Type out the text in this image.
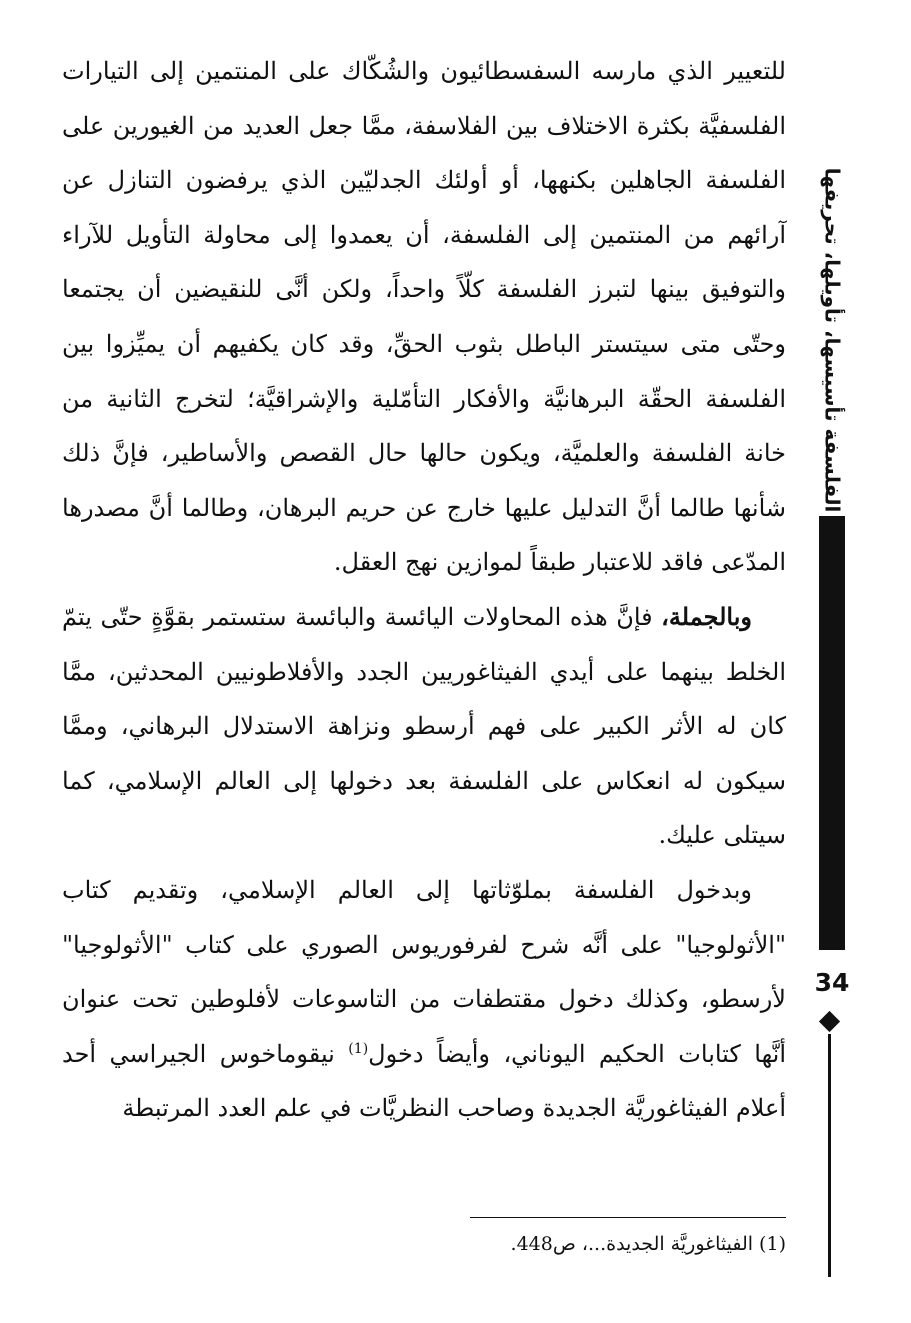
للتعيير الذي مارسه السفسطائيون والشُكّاك على المنتمين إلى التيارات الفلسفيَّة بكثرة الاختلاف بين الفلاسفة، ممَّا جعل العديد من الغيورين على الفلسفة الجاهلين بكنهها، أو أولئك الجدليّين الذي يرفضون التنازل عن آرائهم من المنتمين إلى الفلسفة، أن يعمدوا إلى محاولة التأويل للآراء والتوفيق بينها لتبرز الفلسفة كلّاً واحداً، ولكن أنَّى للنقيضين أن يجتمعا وحتّى متى سيتستر الباطل بثوب الحقِّ، وقد كان يكفيهم أن يميِّزوا بين الفلسفة الحقّة البرهانيَّة والأفكار التأمّلية والإشراقيَّة؛ لتخرج الثانية من خانة الفلسفة والعلميَّة، ويكون حالها حال القصص والأساطير، فإنَّ ذلك شأنها طالما أنَّ التدليل عليها خارج عن حريم البرهان، وطالما أنَّ مصدرها المدّعى فاقد للاعتبار طبقاً لموازين نهج العقل.

وبالجملة، فإنَّ هذه المحاولات اليائسة والبائسة ستستمر بقوَّةٍ حتّى يتمّ الخلط بينهما على أيدي الفيثاغوريين الجدد والأفلاطونيين المحدثين، ممَّا كان له الأثر الكبير على فهم أرسطو ونزاهة الاستدلال البرهاني، وممَّا سيكون له انعكاس على الفلسفة بعد دخولها إلى العالم الإسلامي، كما سيتلى عليك.

وبدخول الفلسفة بملوّثاتها إلى العالم الإسلامي، وتقديم كتاب "الأثولوجيا" على أنَّه شرح لفرفوريوس الصوري على كتاب "الأثولوجيا" لأرسطو، وكذلك دخول مقتطفات من التاسوعات لأفلوطين تحت عنوان أنَّها كتابات الحكيم اليوناني، وأيضاً دخول$^{(1)}$ نيقوماخوس الجيراسي أحد أعلام الفيثاغوريَّة الجديدة وصاحب النظريَّات في علم العدد المرتبطة

(1) الفيثاغوريَّة الجديدة...، ص448.
الفلسفة تأسيسها، تأويلها، تحريفها
34
